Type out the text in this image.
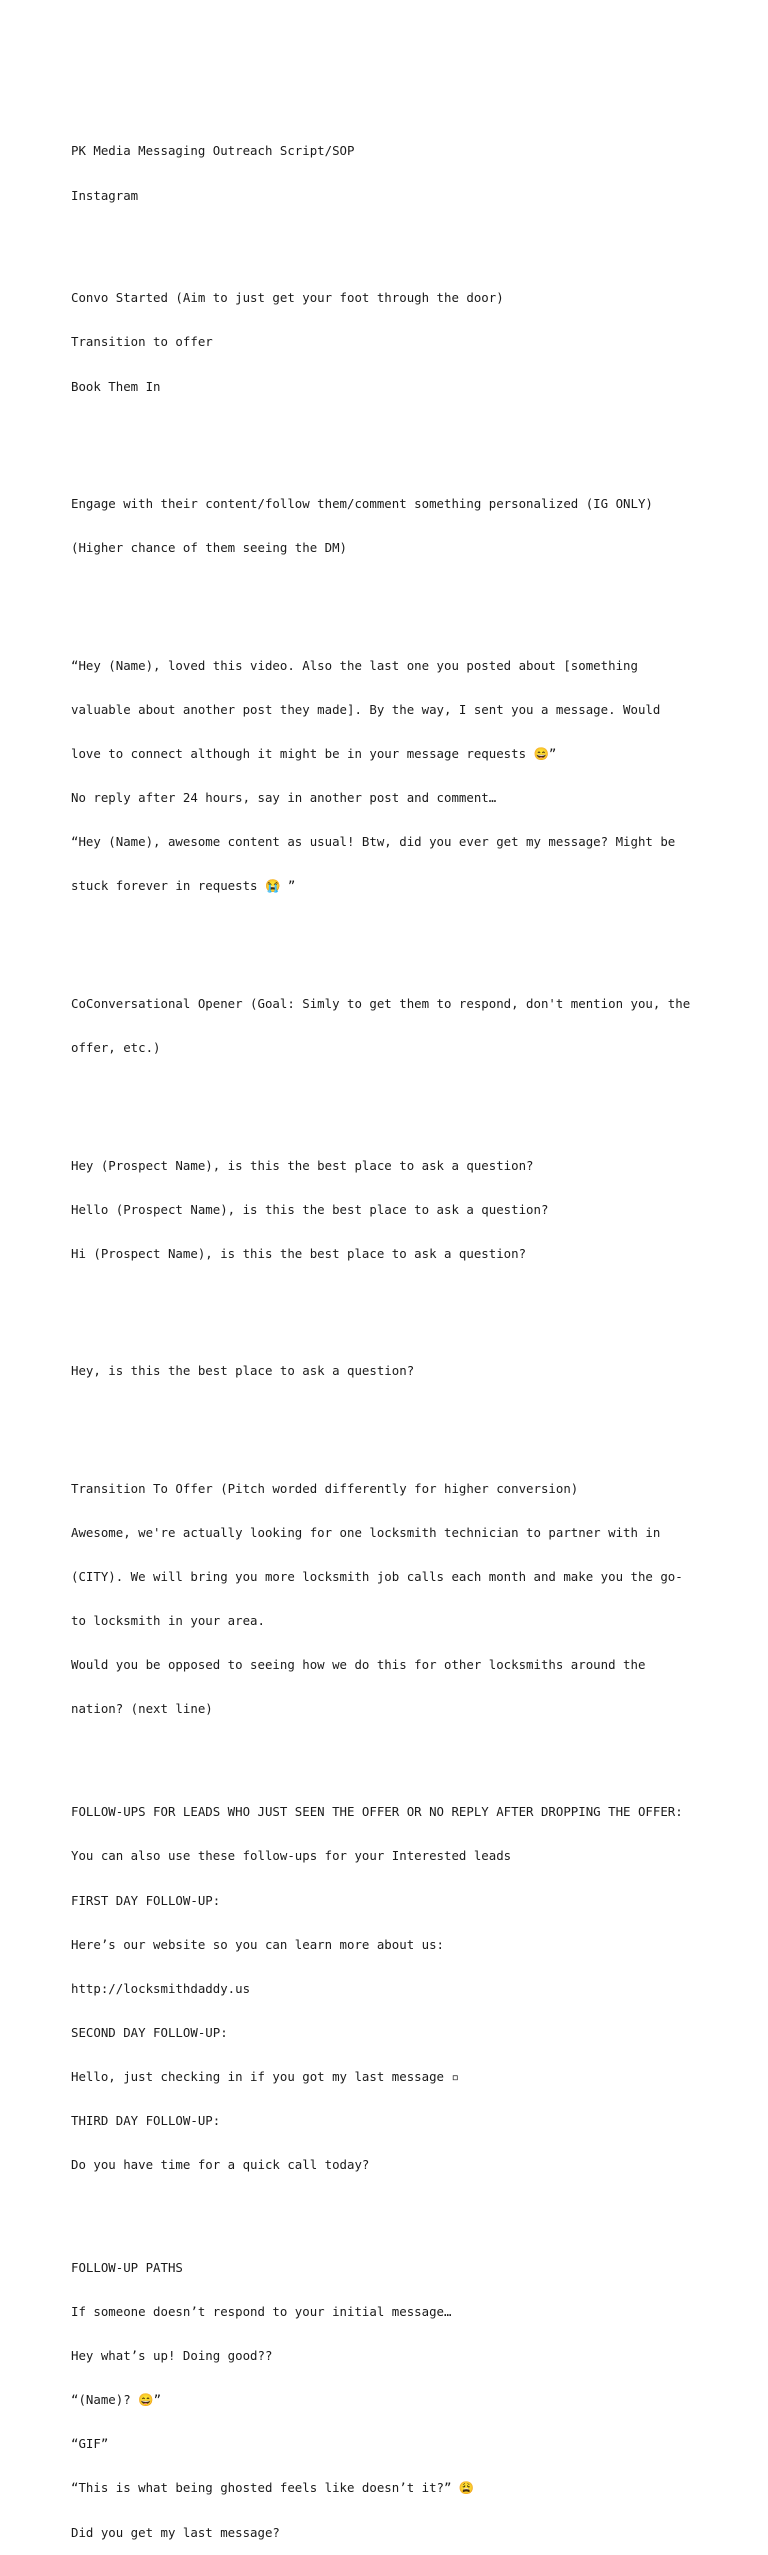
PK Media Messaging Outreach Script/SOP

Instagram

Convo Started (Aim to just get your foot through the door)

Transition to offer

Book Them In

Engage with their content/follow them/comment something personalized (IG ONLY)

(Higher chance of them seeing the DM)

“Hey (Name), loved this video. Also the last one you posted about [something

valuable about another post they made]. By the way, I sent you a message. Would

love to connect although it might be in your message requests 😄”

No reply after 24 hours, say in another post and comment…

“Hey (Name), awesome content as usual! Btw, did you ever get my message? Might be

stuck forever in requests 😭 ”

CoConversational Opener (Goal: Simly to get them to respond, don't mention you, the

offer, etc.)

Hey (Prospect Name), is this the best place to ask a question?

Hello (Prospect Name), is this the best place to ask a question?

Hi (Prospect Name), is this the best place to ask a question?

Hey, is this the best place to ask a question?

Transition To Offer (Pitch worded differently for higher conversion)

Awesome, we're actually looking for one locksmith technician to partner with in

(CITY). We will bring you more locksmith job calls each month and make you the go-

to locksmith in your area.

Would you be opposed to seeing how we do this for other locksmiths around the

nation? (next line)

FOLLOW-UPS FOR LEADS WHO JUST SEEN THE OFFER OR NO REPLY AFTER DROPPING THE OFFER:

You can also use these follow-ups for your Interested leads

FIRST DAY FOLLOW-UP:

Here’s our website so you can learn more about us:

http://locksmithdaddy.us

SECOND DAY FOLLOW-UP:

Hello, just checking in if you got my last message ▫

THIRD DAY FOLLOW-UP:

Do you have time for a quick call today?

FOLLOW-UP PATHS

If someone doesn’t respond to your initial message…

Hey what’s up! Doing good??

“(Name)? 😄”

“GIF”

“This is what being ghosted feels like doesn’t it?” 😩

Did you get my last message?
